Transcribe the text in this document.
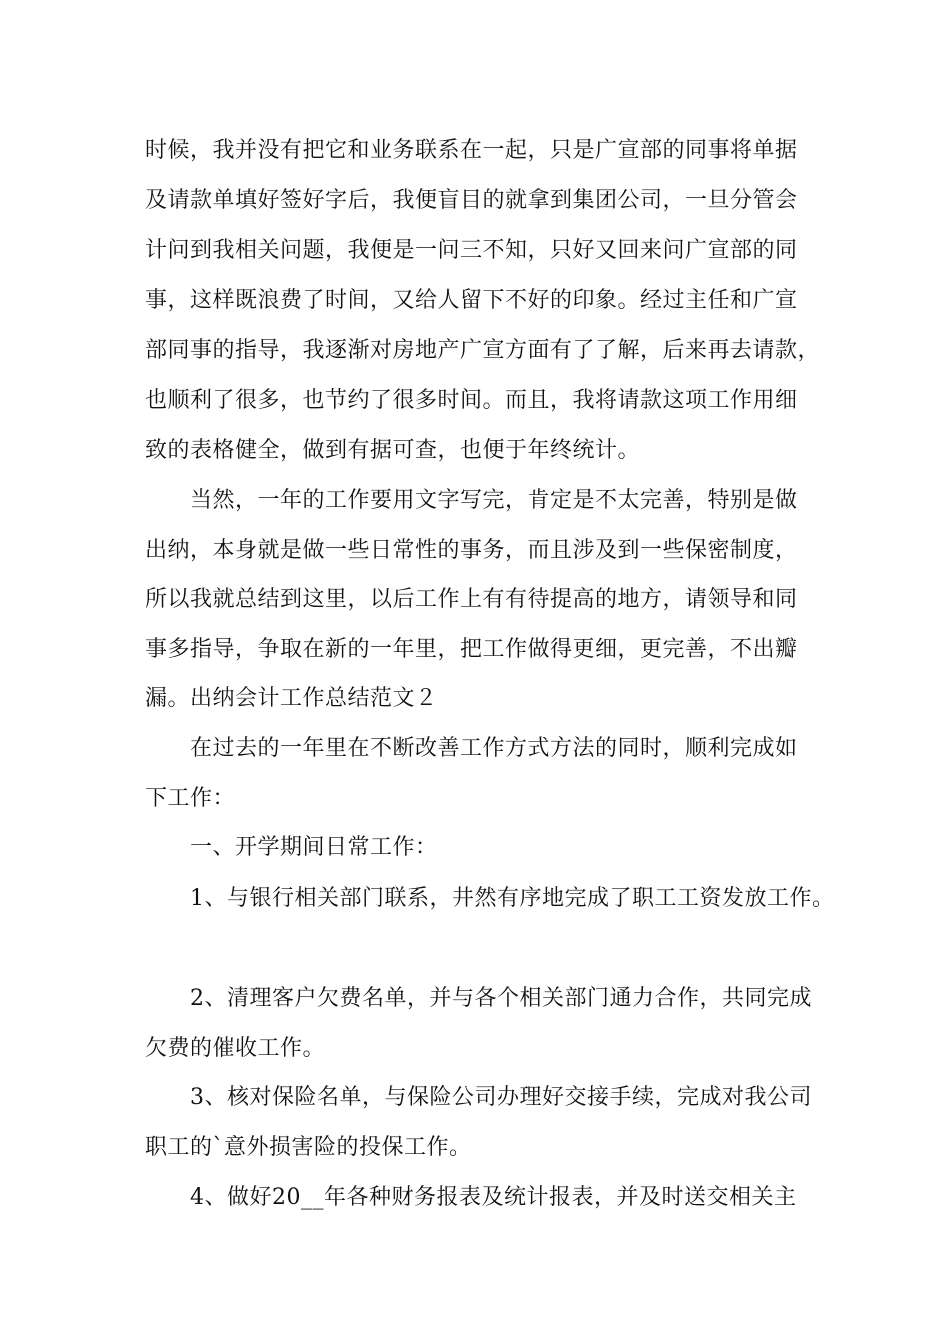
时候，我并没有把它和业务联系在一起，只是广宣部的同事将单据
及请款单填好签好字后，我便盲目的就拿到集团公司，一旦分管会
计问到我相关问题，我便是一问三不知，只好又回来问广宣部的同
事，这样既浪费了时间，又给人留下不好的印象。经过主任和广宣
部同事的指导，我逐渐对房地产广宣方面有了了解，后来再去请款，
也顺利了很多，也节约了很多时间。而且，我将请款这项工作用细
致的表格健全，做到有据可查，也便于年终统计。
当然，一年的工作要用文字写完，肯定是不太完善，特别是做
出纳，本身就是做一些日常性的事务，而且涉及到一些保密制度，
所以我就总结到这里，以后工作上有有待提高的地方，请领导和同
事多指导，争取在新的一年里，把工作做得更细，更完善，不出瓣
漏。出纳会计工作总结范文２
在过去的一年里在不断改善工作方式方法的同时，顺利完成如
下工作：
一、开学期间日常工作：
1、与银行相关部门联系，井然有序地完成了职工工资发放工作。
2、清理客户欠费名单，并与各个相关部门通力合作，共同完成
欠费的催收工作。
3、核对保险名单，与保险公司办理好交接手续，完成对我公司
职工的`意外损害险的投保工作。
4、做好20__年各种财务报表及统计报表，并及时送交相关主
